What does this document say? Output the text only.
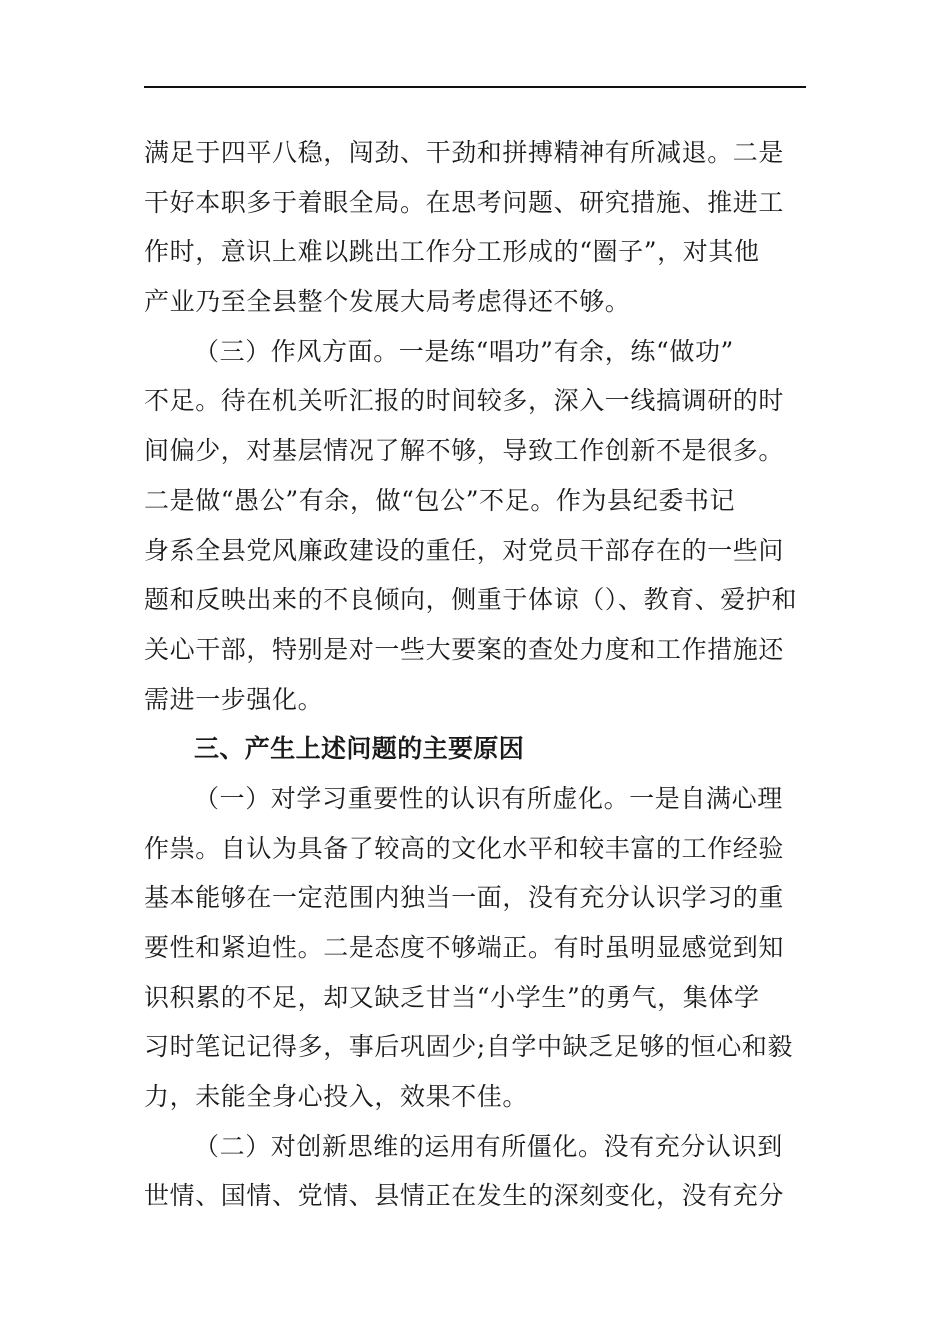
满足于四平八稳，闯劲、干劲和拼搏精神有所减退。二是
干好本职多于着眼全局。在思考问题、研究措施、推进工
作时，意识上难以跳出工作分工形成的“圈子”，对其他
产业乃至全县整个发展大局考虑得还不够。
（三）作风方面。一是练“唱功”有余，练“做功”
不足。待在机关听汇报的时间较多，深入一线搞调研的时
间偏少，对基层情况了解不够，导致工作创新不是很多。
二是做“愚公”有余，做“包公”不足。作为县纪委书记
身系全县党风廉政建设的重任，对党员干部存在的一些问
题和反映出来的不良倾向，侧重于体谅（）、教育、爱护和
关心干部，特别是对一些大要案的查处力度和工作措施还
需进一步强化。
三、产生上述问题的主要原因
（一）对学习重要性的认识有所虚化。一是自满心理
作祟。自认为具备了较高的文化水平和较丰富的工作经验
基本能够在一定范围内独当一面，没有充分认识学习的重
要性和紧迫性。二是态度不够端正。有时虽明显感觉到知
识积累的不足，却又缺乏甘当“小学生”的勇气，集体学
习时笔记记得多，事后巩固少;自学中缺乏足够的恒心和毅
力，未能全身心投入，效果不佳。
（二）对创新思维的运用有所僵化。没有充分认识到
世情、国情、党情、县情正在发生的深刻变化，没有充分
